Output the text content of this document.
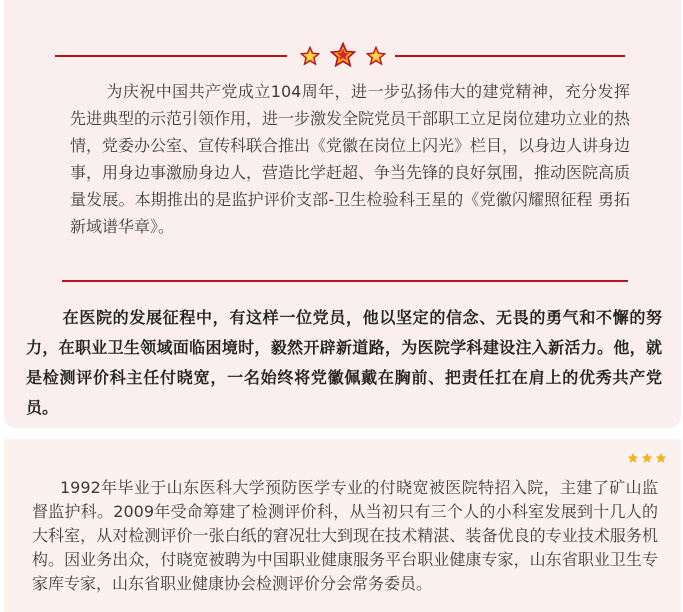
为庆祝中国共产党成立104周年，进一步弘扬伟大的建党精神，充分发挥先进典型的示范引领作用，进一步激发全院党员干部职工立足岗位建功立业的热情，党委办公室、宣传科联合推出《党徽在岗位上闪光》栏目，以身边人讲身边事，用身边事激励身边人，营造比学赶超、争当先锋的良好氛围，推动医院高质量发展。本期推出的是监护评价支部-卫生检验科王星的《党徽闪耀照征程 勇拓新域谱华章》。

在医院的发展征程中，有这样一位党员，他以坚定的信念、无畏的勇气和不懈的努力，在职业卫生领域面临困境时，毅然开辟新道路，为医院学科建设注入新活力。他，就是检测评价科主任付晓宽，一名始终将党徽佩戴在胸前、把责任扛在肩上的优秀共产党员。

1992年毕业于山东医科大学预防医学专业的付晓宽被医院特招入院，主建了矿山监督监护科。2009年受命筹建了检测评价科，从当初只有三个人的小科室发展到十几人的大科室，从对检测评价一张白纸的窘况壮大到现在技术精湛、装备优良的专业技术服务机构。因业务出众，付晓宽被聘为中国职业健康服务平台职业健康专家，山东省职业卫生专家库专家，山东省职业健康协会检测评价分会常务委员。
